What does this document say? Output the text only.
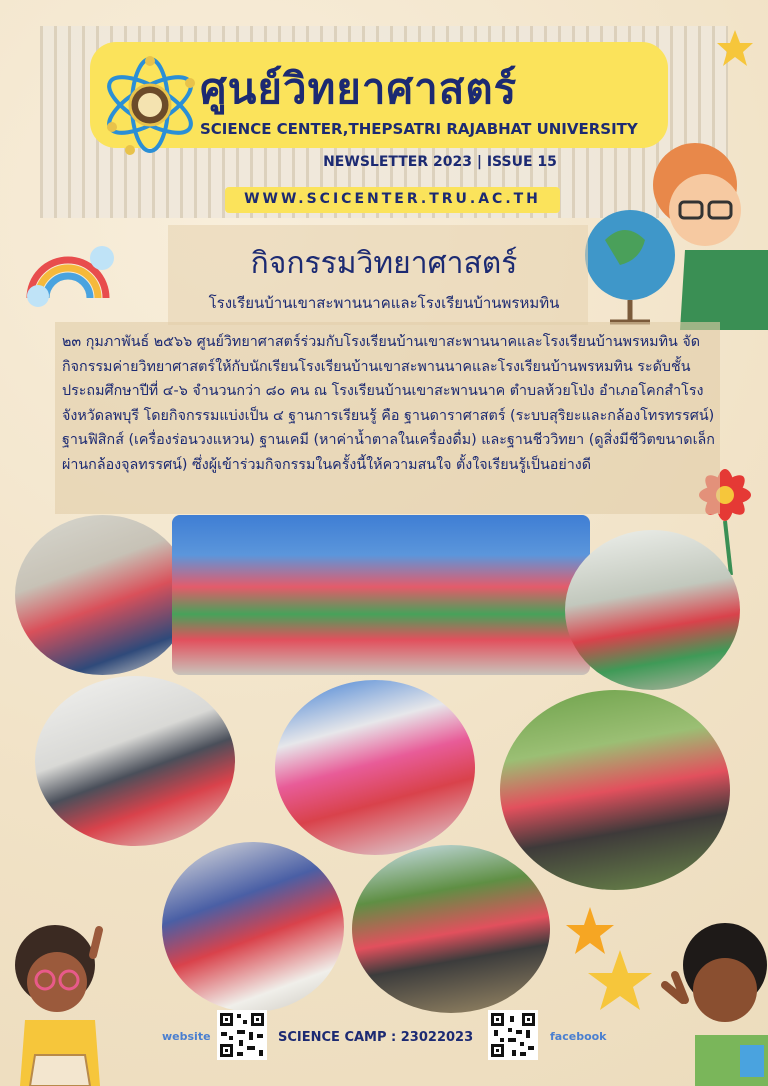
ศูนย์วิทยาศาสตร์
SCIENCE CENTER,THEPSATRI RAJABHAT UNIVERSITY
NEWSLETTER 2023 | ISSUE 15
WWW.SCICENTER.TRU.AC.TH
กิจกรรมวิทยาศาสตร์
โรงเรียนบ้านเขาสะพานนาคและโรงเรียนบ้านพรหมทิน
๒๓ กุมภาพันธ์ ๒๕๖๖ ศูนย์วิทยาศาสตร์ร่วมกับโรงเรียนบ้านเขาสะพานนาคและโรงเรียนบ้านพรหมทิน จัดกิจกรรมค่ายวิทยาศาสตร์ให้กับนักเรียนโรงเรียนบ้านเขาสะพานนาคและโรงเรียนบ้านพรหมทิน ระดับชั้นประถมศึกษาปีที่ ๔-๖ จำนวนกว่า ๘๐ คน ณ โรงเรียนบ้านเขาสะพานนาค ตำบลห้วยโป่ง อำเภอโคกสำโรง จังหวัดลพบุรี โดยกิจกรรมแบ่งเป็น ๔ ฐานการเรียนรู้ คือ ฐานดาราศาสตร์ (ระบบสุริยะและกล้องโทรทรรศน์) ฐานฟิสิกส์ (เครื่องร่อนวงแหวน) ฐานเคมี (หาค่าน้ำตาลในเครื่องดื่ม) และฐานชีววิทยา (ดูสิ่งมีชีวิตขนาดเล็กผ่านกล้องจุลทรรศน์) ซึ่งผู้เข้าร่วมกิจกรรมในครั้งนี้ให้ความสนใจ ตั้งใจเรียนรู้เป็นอย่างดี
website	SCIENCE CAMP : 23022023	facebook
